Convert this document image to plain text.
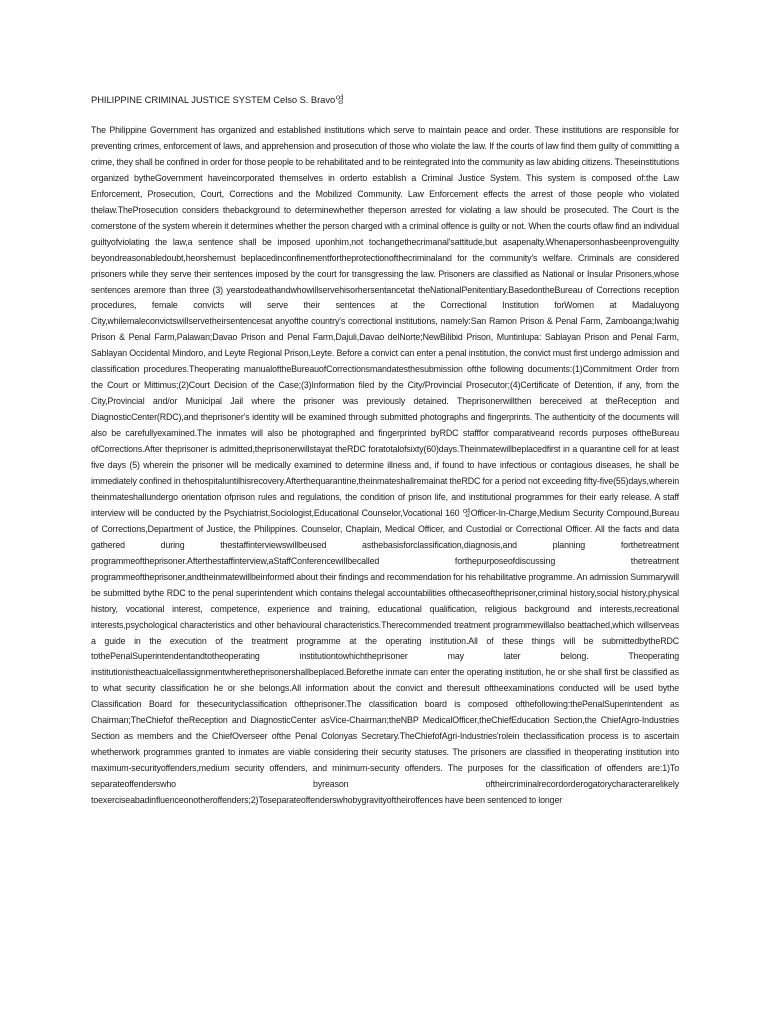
PHILIPPINE CRIMINAL JUSTICE SYSTEM Celso S. Bravo영

The Philippine Government has organized and established institutions which serve to maintain peace and order. These institutions are responsible for preventing crimes, enforcement of laws, and apprehension and prosecution of those who violate the law. If the courts of law find them guilty of committing a crime, they shall be confined in order for those people to be rehabilitated and to be reintegrated into the community as law abiding citizens. Theseinstitutions organized bytheGovernment haveincorporated themselves in orderto establish a Criminal Justice System. This system is composed of:the Law Enforcement, Prosecution, Court, Corrections and the Mobilized Community. Law Enforcement effects the arrest of those people who violated thelaw.TheProsecution considers thebackground to determinewhether theperson arrested for violating a law should be prosecuted. The Court is the cornerstone of the system wherein it determines whether the person charged with a criminal offence is guilty or not. When the courts oflaw find an individual guiltyofviolating the law,a sentence shall be imposed uponhim,not tochangethecrimanal'sattitude,but asapenalty.Whenapersonhasbeenprovenguilty beyondreasonabledoubt,heorshemust beplacedinconfinementfortheprotectionofthecriminaland for the community's welfare. Criminals are considered prisoners while they serve their sentences imposed by the court for transgressing the law. Prisoners are classified as National or Insular Prisoners,whose sentences aremore than three (3) yearstodeathandwhowillservehisorhersentancetat theNationalPenitentiary.BasedontheBureau of Corrections reception procedures, female convicts will serve their sentences at the Correctional Institution forWomen at Madaluyong City,whilemaleconvictswillservetheirsentencesat anyofthe country's correctional institutions, namely:San Ramon Prison & Penal Farm, Zamboanga;Iwahig Prison & Penal Farm,Palawan;Davao Prison and Penal Farm,Dajuli,Davao delNorte;NewBilibid Prison, Muntinlupa: Sablayan Prison and Penal Farm, Sablayan Occidental Mindoro, and Leyte Regional Prison,Leyte. Before a convict can enter a penal institution, the convict must first undergo admission and classification procedures.Theoperating manualoftheBureauofCorrectionsmandatesthesubmission ofthe following documents:(1)Commitment Order from the Court or Mittimus;(2)Court Decision of the Case;(3)Information filed by the City/Provincial Prosecutor;(4)Certificate of Detention, if any, from the City,Provincial and/or Municipal Jail where the prisoner was previously detained. Theprisonerwillthen bereceived at theReception and DiagnosticCenter(RDC),and theprisoner's identity will be examined through submitted photographs and fingerprints. The authenticity of the documents will also be carefullyexamined.The inmates will also be photographed and fingerprinted byRDC stafffor comparativeand records purposes oftheBureau ofCorrections.After theprisoner is admitted,theprisonerwillstayat theRDC foratotalofsixty(60)days.Theinmatewillbeplacedfirst in a quarantine cell for at least five days (5) wherein the prisoner will be medically examined to determine illness and, if found to have infectious or contagious diseases, he shall be immediately confined in thehospitaluntilhisrecovery.Afterthequarantine,theinmateshallremainat theRDC for a period not exceeding fifty-five(55)days,wherein theinmateshallundergo orientation ofprison rules and regulations, the condition of prison life, and institutional programmes for their early release. A staff interview will be conducted by the Psychiatrist,Sociologist,Educational Counselor,Vocational 160 영Officer-In-Charge,Medium Security Compound,Bureau of Corrections,Department of Justice, the Philippines. Counselor, Chaplain, Medical Officer, and Custodial or Correctional Officer. All the facts and data gathered during thestaffinterviewswillbeused asthebasisforclassification,diagnosis,and planning forthetreatment programmeoftheprisoner.Afterthestaffinterview,aStaffConferencewillbecalled forthepurposeofdiscussing thetreatment programmeoftheprisoner,andtheinmatewillbeinformed about their findings and recommendation for his rehabilitative programme. An admission Summarywill be submitted bythe RDC to the penal superintendent which contains thelegal accountabilities ofthecaseoftheprisoner,criminal history,social history,physical history, vocational interest, competence, experience and training, educational qualification, religious background and interests,recreational interests,psychological characteristics and other behavioural characteristics.Therecommended treatment programmewillalso beattached,which willserveas a guide in the execution of the treatment programme at the operating institution.All of these things will be submittedbytheRDC tothePenalSuperintendentandtotheoperating institutiontowhichtheprisoner may later belong. Theoperating institutionistheactualcellassignmentwheretheprisonershallbeplaced.Beforethe inmate can enter the operating institution, he or she shall first be classified as to what security classification he or she belongs.All information about the convict and theresult oftheexaminations conducted will be used bythe Classification Board for thesecurityclassification oftheprisoner.The classification board is composed ofthefollowing:thePenalSuperintendent as Chairman;TheChiefof theReception and DiagnosticCenter asVice-Chairman;theNBP MedicalOfficer,theChiefEducation Section,the ChiefAgro-Industries Section as members and the ChiefOverseer ofthe Penal Colonyas Secretary.TheChiefofAgri-Industries'rolein theclassification process is to ascertain whetherwork programmes granted to inmates are viable considering their security statuses. The prisoners are classified in theoperating institution into maximum-securityoffenders,medium security offenders, and minimum-security offenders. The purposes for the classification of offenders are:1)To separateoffenderswho byreason oftheircriminalrecordorderogatorycharacterarelikely toexerciseabadinfluenceonotheroffenders;2)Toseparateoffenderswhobygravityoftheiroffences have been sentenced to longer
